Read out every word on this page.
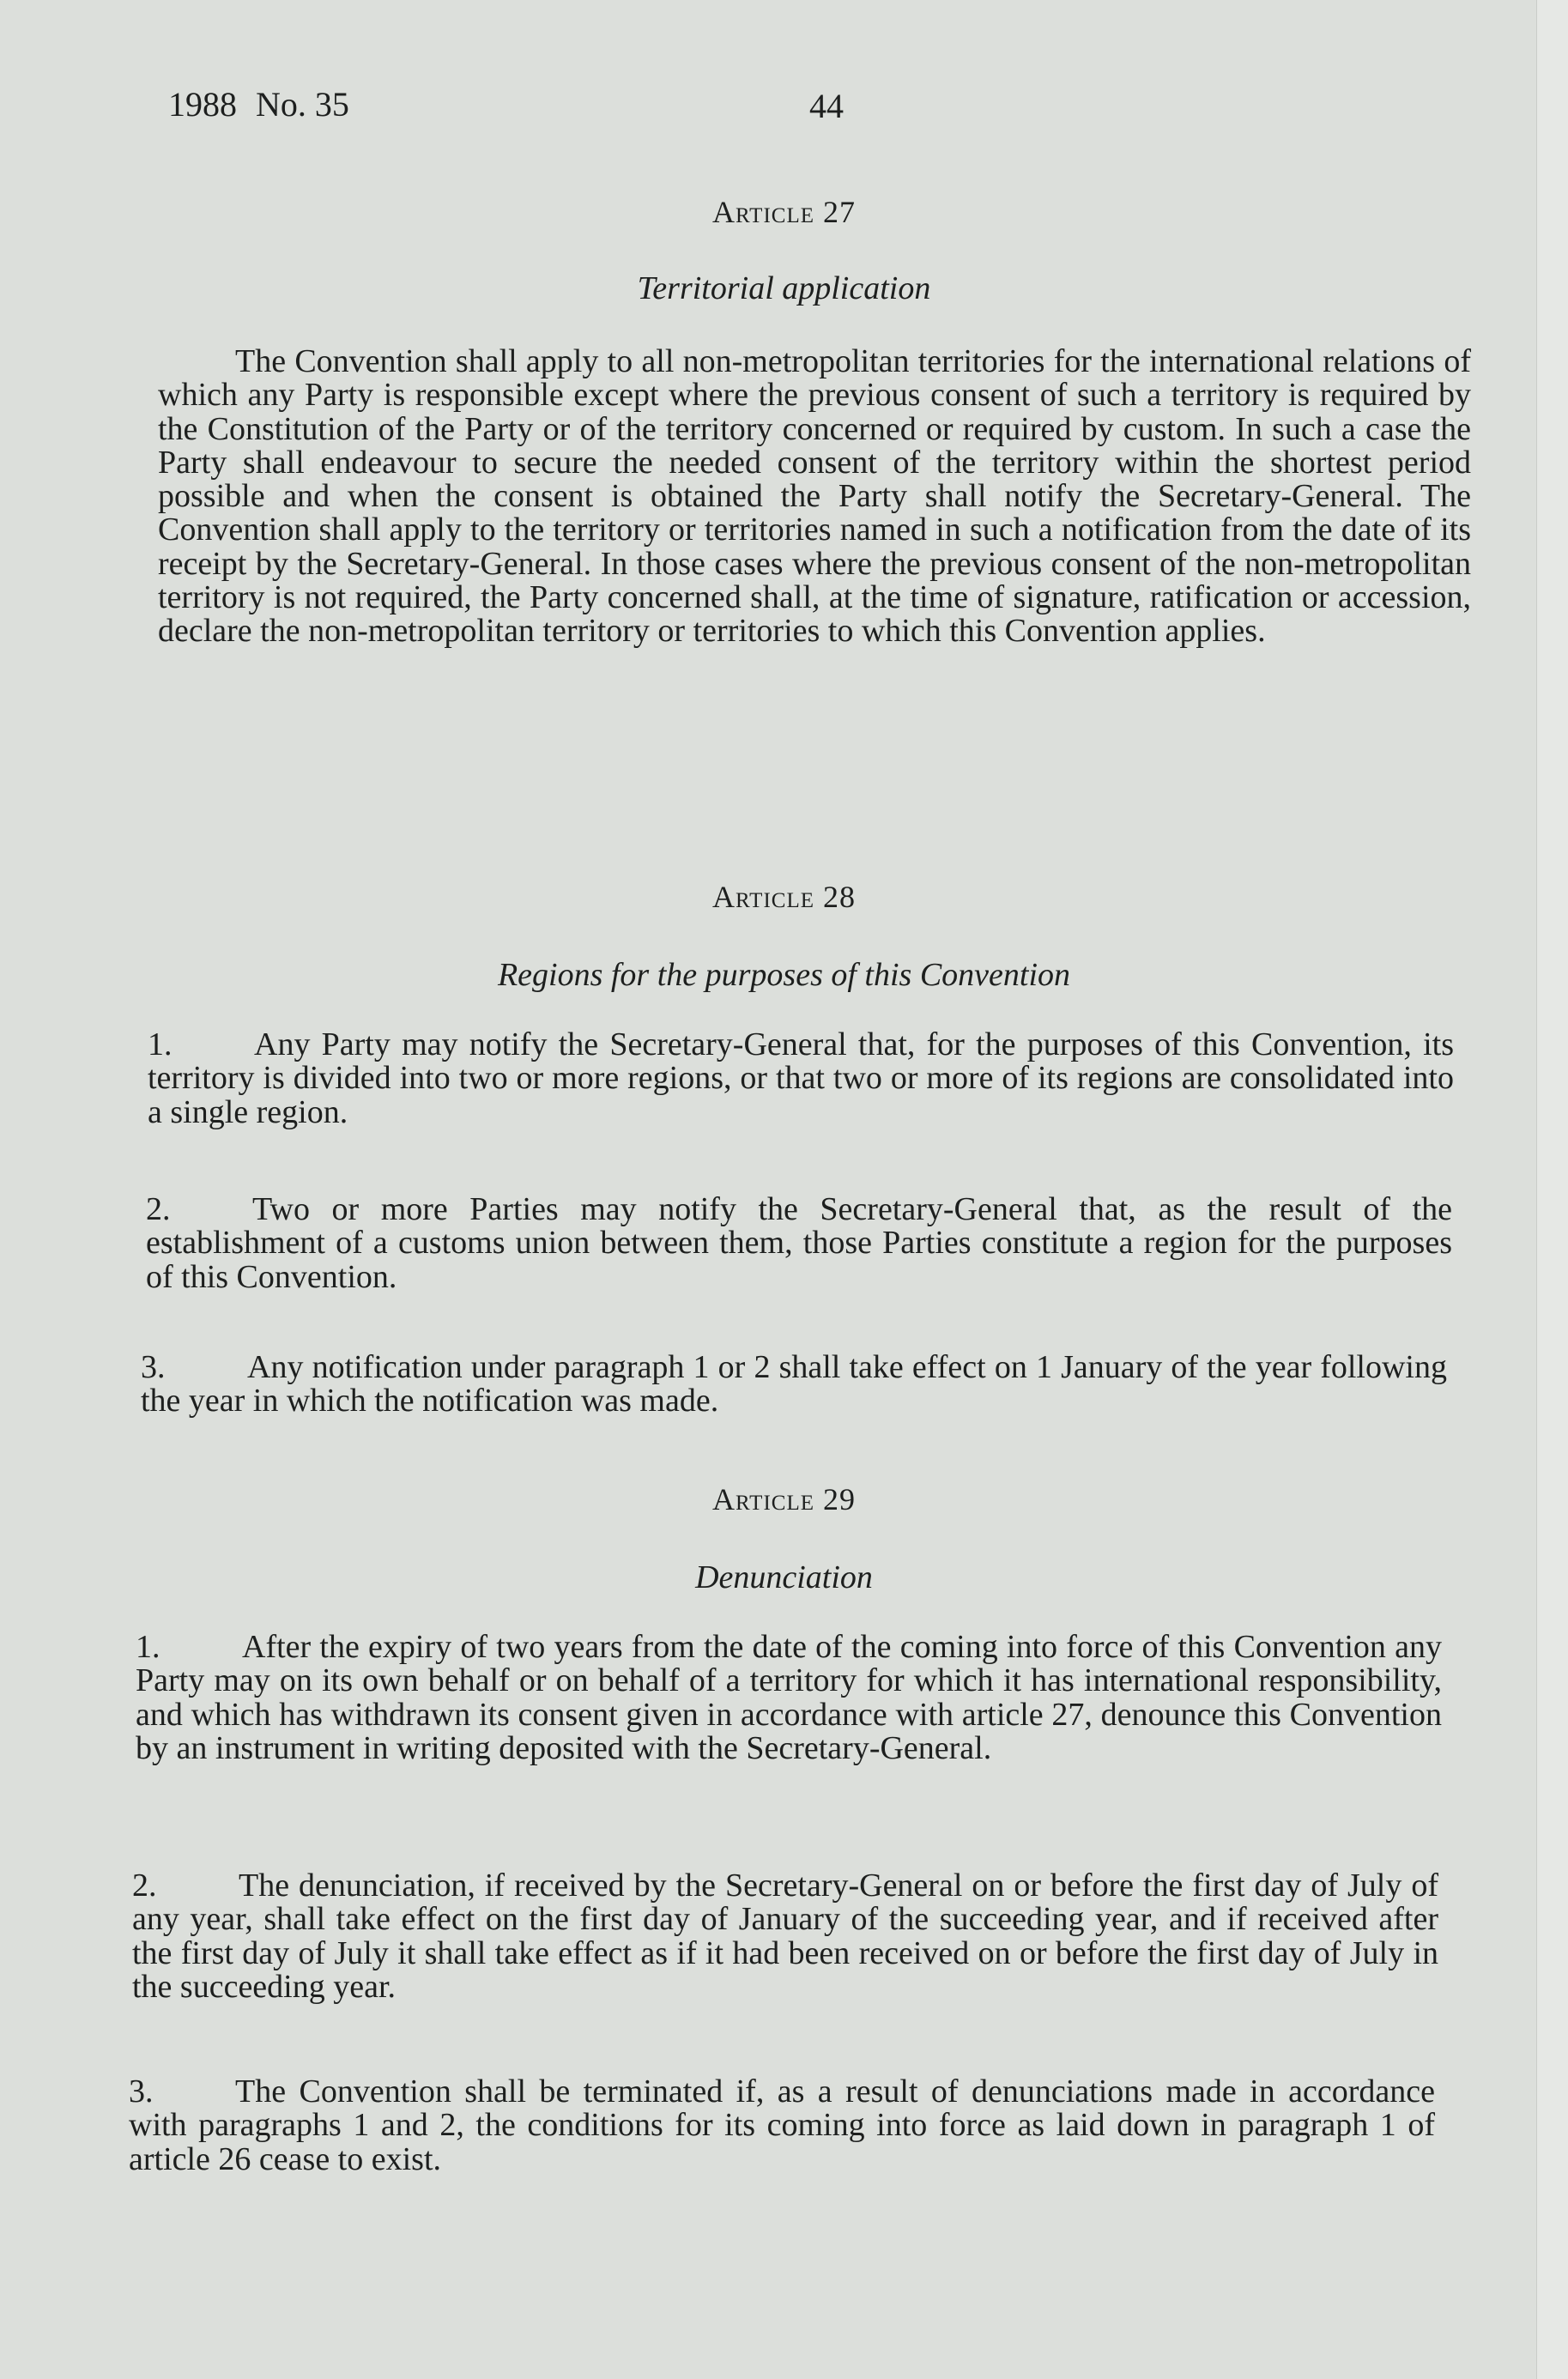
1988 No. 35	44
Article 27
Territorial application
The Convention shall apply to all non-metropolitan territories for the international relations of which any Party is responsible except where the previous consent of such a territory is required by the Constitution of the Party or of the territory concerned or required by custom. In such a case the Party shall endeavour to secure the needed consent of the territory within the shortest period possible and when the consent is obtained the Party shall notify the Secretary-General. The Convention shall apply to the territory or territories named in such a notification from the date of its receipt by the Secretary-General. In those cases where the previous consent of the non-metropolitan territory is not required, the Party concerned shall, at the time of signature, ratification or accession, declare the non-metropolitan territory or territories to which this Convention applies.
Article 28
Regions for the purposes of this Convention
1.	Any Party may notify the Secretary-General that, for the purposes of this Convention, its territory is divided into two or more regions, or that two or more of its regions are consolidated into a single region.
2.	Two or more Parties may notify the Secretary-General that, as the result of the establishment of a customs union between them, those Parties constitute a region for the purposes of this Convention.
3.	Any notification under paragraph 1 or 2 shall take effect on 1 January of the year following the year in which the notification was made.
Article 29
Denunciation
1.	After the expiry of two years from the date of the coming into force of this Convention any Party may on its own behalf or on behalf of a territory for which it has international responsibility, and which has withdrawn its consent given in accordance with article 27, denounce this Convention by an instrument in writing deposited with the Secretary-General.
2.	The denunciation, if received by the Secretary-General on or before the first day of July of any year, shall take effect on the first day of January of the succeeding year, and if received after the first day of July it shall take effect as if it had been received on or before the first day of July in the succeeding year.
3.	The Convention shall be terminated if, as a result of denunciations made in accordance with paragraphs 1 and 2, the conditions for its coming into force as laid down in paragraph 1 of article 26 cease to exist.
